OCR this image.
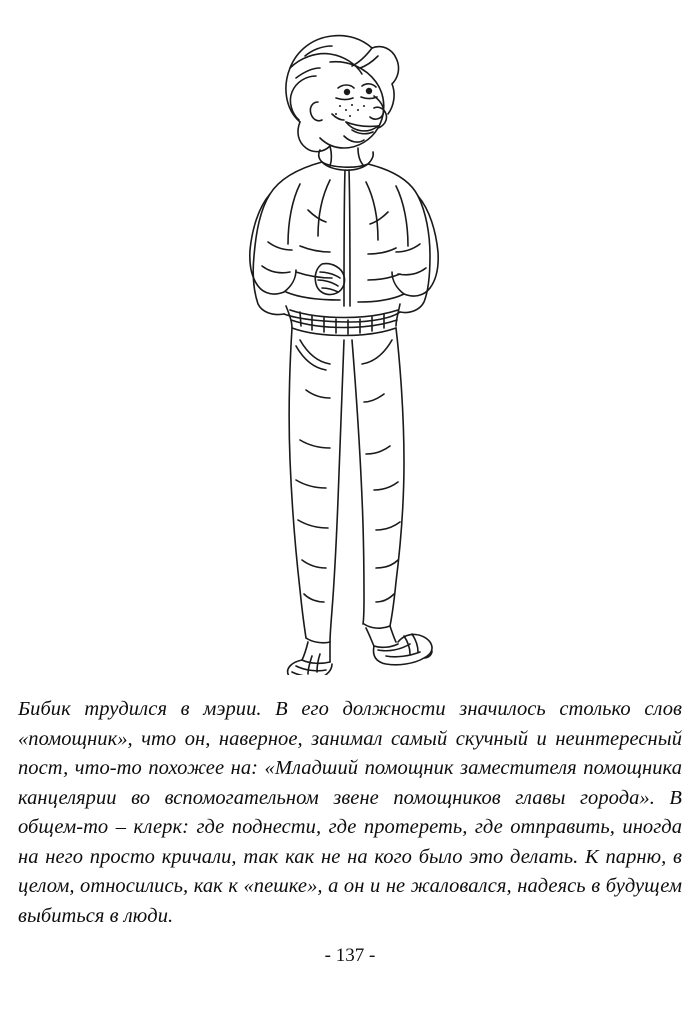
Бибик трудился в мэрии. В его должности значилось столько слов «помощник», что он, наверное, занимал самый скучный и неинтересный пост, что-то похожее на: «Младший помощник заместителя помощника канцелярии во вспомогательном звене помощников главы города». В общем-то – клерк: где поднести, где протереть, где отправить, иногда на него просто кричали, так как не на кого было это делать. К парню, в целом, относились, как к «пешке», а он и не жаловался, надеясь в будущем выбиться в люди.
- 137 -
